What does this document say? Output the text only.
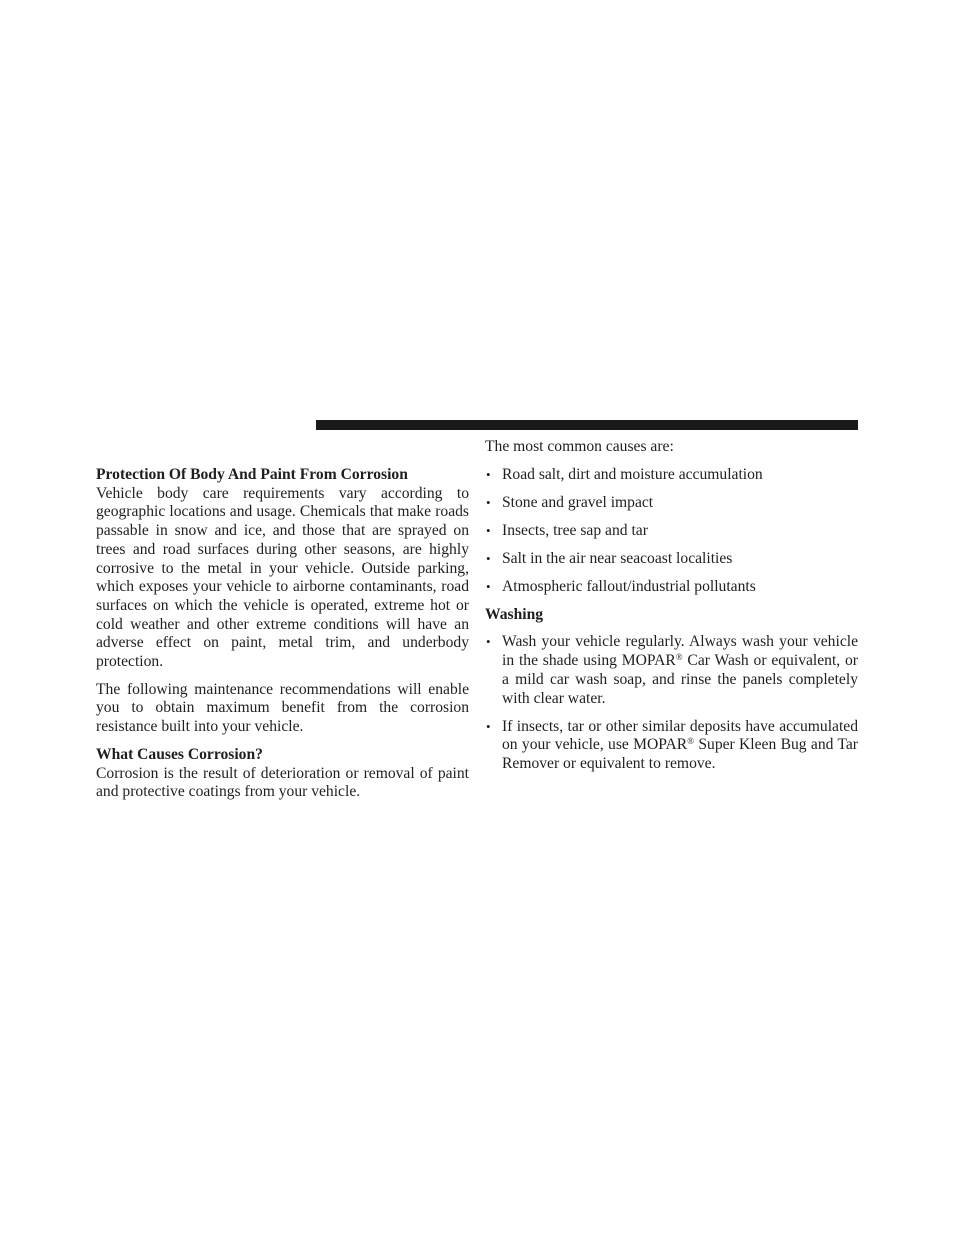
Protection Of Body And Paint From Corrosion

Vehicle body care requirements vary according to geographic locations and usage. Chemicals that make roads passable in snow and ice, and those that are sprayed on trees and road surfaces during other seasons, are highly corrosive to the metal in your vehicle. Outside parking, which exposes your vehicle to airborne contaminants, road surfaces on which the vehicle is operated, extreme hot or cold weather and other extreme conditions will have an adverse effect on paint, metal trim, and underbody protection.

The following maintenance recommendations will enable you to obtain maximum benefit from the corrosion resistance built into your vehicle.

What Causes Corrosion?

Corrosion is the result of deterioration or removal of paint and protective coatings from your vehicle.

The most common causes are:

• Road salt, dirt and moisture accumulation
• Stone and gravel impact
• Insects, tree sap and tar
• Salt in the air near seacoast localities
• Atmospheric fallout/industrial pollutants
Washing
• Wash your vehicle regularly. Always wash your vehicle in the shade using MOPAR® Car Wash or equivalent, or a mild car wash soap, and rinse the panels completely with clear water.
• If insects, tar or other similar deposits have accumulated on your vehicle, use MOPAR® Super Kleen Bug and Tar Remover or equivalent to remove.
